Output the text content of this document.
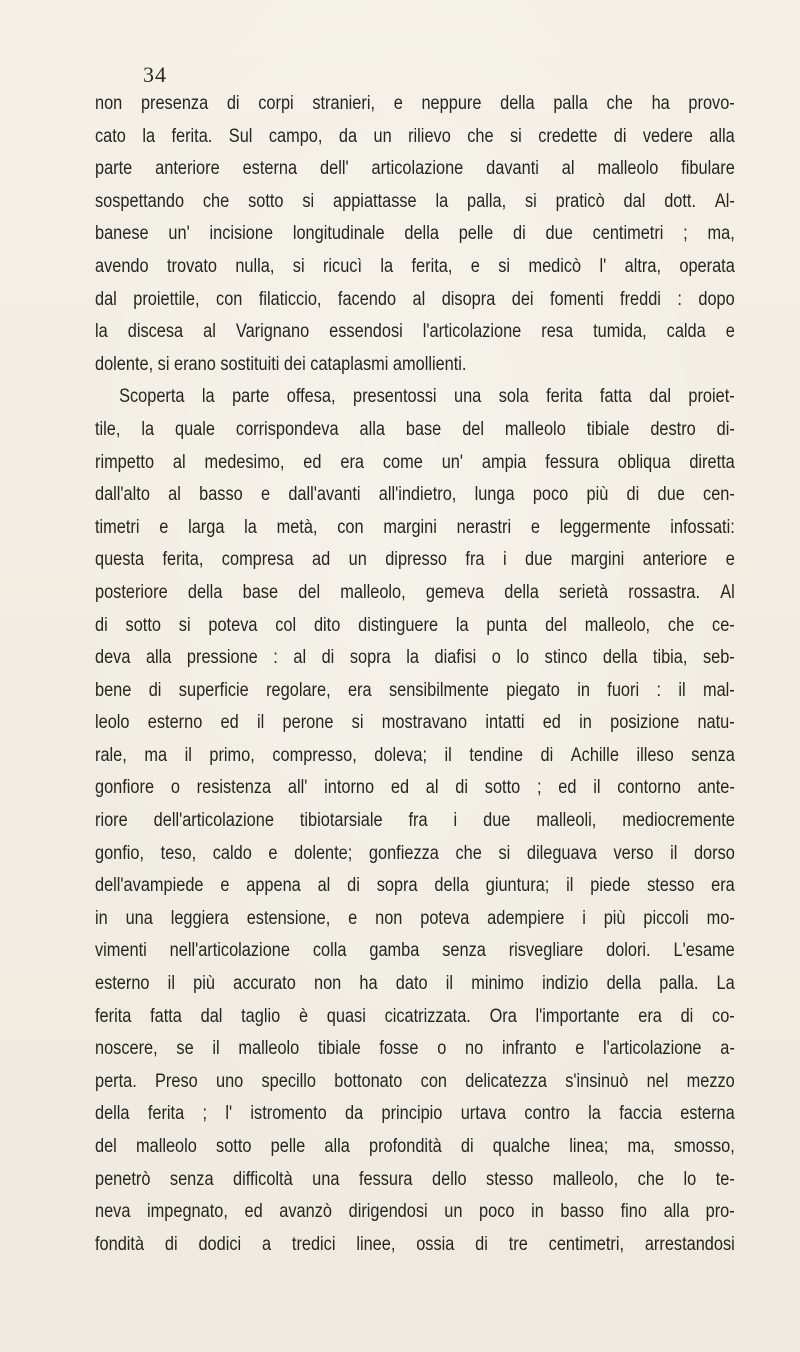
34
non presenza di corpi stranieri, e neppure della palla che ha provo-
cato la ferita. Sul campo, da un rilievo che si credette di vedere alla
parte anteriore esterna dell' articolazione davanti al malleolo fibulare
sospettando che sotto si appiattasse la palla, si praticò dal dott. Al-
banese un' incisione longitudinale della pelle di due centimetri ; ma,
avendo trovato nulla, si ricucì la ferita, e si medicò l' altra, operata
dal proiettile, con filaticcio, facendo al disopra dei fomenti freddi : dopo
la discesa al Varignano essendosi l'articolazione resa tumida, calda e
dolente, si erano sostituiti dei cataplasmi amollienti.
Scoperta la parte offesa, presentossi una sola ferita fatta dal proiet-
tile, la quale corrispondeva alla base del malleolo tibiale destro di-
rimpetto al medesimo, ed era come un' ampia fessura obliqua diretta
dall'alto al basso e dall'avanti all'indietro, lunga poco più di due cen-
timetri e larga la metà, con margini nerastri e leggermente infossati:
questa ferita, compresa ad un dipresso fra i due margini anteriore e
posteriore della base del malleolo, gemeva della serietà rossastra. Al
di sotto si poteva col dito distinguere la punta del malleolo, che ce-
deva alla pressione : al di sopra la diafisi o lo stinco della tibia, seb-
bene di superficie regolare, era sensibilmente piegato in fuori : il mal-
leolo esterno ed il perone si mostravano intatti ed in posizione natu-
rale, ma il primo, compresso, doleva; il tendine di Achille illeso senza
gonfiore o resistenza all' intorno ed al di sotto ; ed il contorno ante-
riore dell'articolazione tibiotarsiale fra i due malleoli, mediocremente
gonfio, teso, caldo e dolente; gonfiezza che si dileguava verso il dorso
dell'avampiede e appena al di sopra della giuntura; il piede stesso era
in una leggiera estensione, e non poteva adempiere i più piccoli mo-
vimenti nell'articolazione colla gamba senza risvegliare dolori. L'esame
esterno il più accurato non ha dato il minimo indizio della palla. La
ferita fatta dal taglio è quasi cicatrizzata. Ora l'importante era di co-
noscere, se il malleolo tibiale fosse o no infranto e l'articolazione a-
perta. Preso uno specillo bottonato con delicatezza s'insinuò nel mezzo
della ferita ; l' istromento da principio urtava contro la faccia esterna
del malleolo sotto pelle alla profondità di qualche linea; ma, smosso,
penetrò senza difficoltà una fessura dello stesso malleolo, che lo te-
neva impegnato, ed avanzò dirigendosi un poco in basso fino alla pro-
fondità di dodici a tredici linee, ossia di tre centimetri, arrestandosi
